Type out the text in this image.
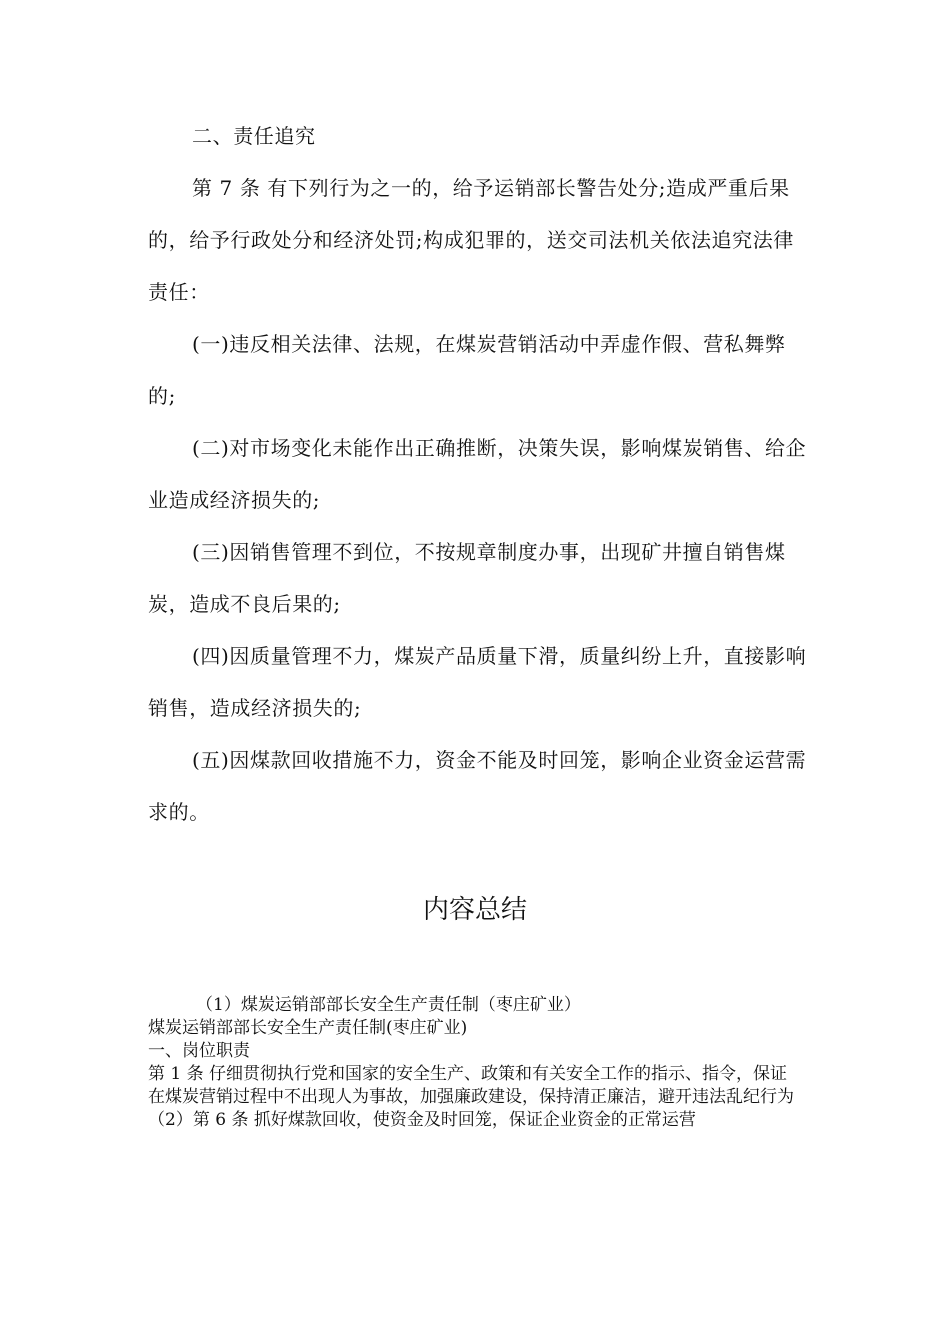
二、责任追究

第 7 条 有下列行为之一的，给予运销部长警告处分;造成严重后果的，给予行政处分和经济处罚;构成犯罪的，送交司法机关依法追究法律责任：

(一)违反相关法律、法规，在煤炭营销活动中弄虚作假、营私舞弊的;

(二)对市场变化未能作出正确推断，决策失误，影响煤炭销售、给企业造成经济损失的;

(三)因销售管理不到位，不按规章制度办事，出现矿井擅自销售煤炭，造成不良后果的;

(四)因质量管理不力，煤炭产品质量下滑，质量纠纷上升，直接影响销售，造成经济损失的;

(五)因煤款回收措施不力，资金不能及时回笼，影响企业资金运营需求的。

内容总结

（1）煤炭运销部部长安全生产责任制（枣庄矿业）

煤炭运销部部长安全生产责任制(枣庄矿业)

一、岗位职责

第 1 条 仔细贯彻执行党和国家的安全生产、政策和有关安全工作的指示、指令，保证在煤炭营销过程中不出现人为事故，加强廉政建设，保持清正廉洁，避开违法乱纪行为

（2）第 6 条 抓好煤款回收，使资金及时回笼，保证企业资金的正常运营
